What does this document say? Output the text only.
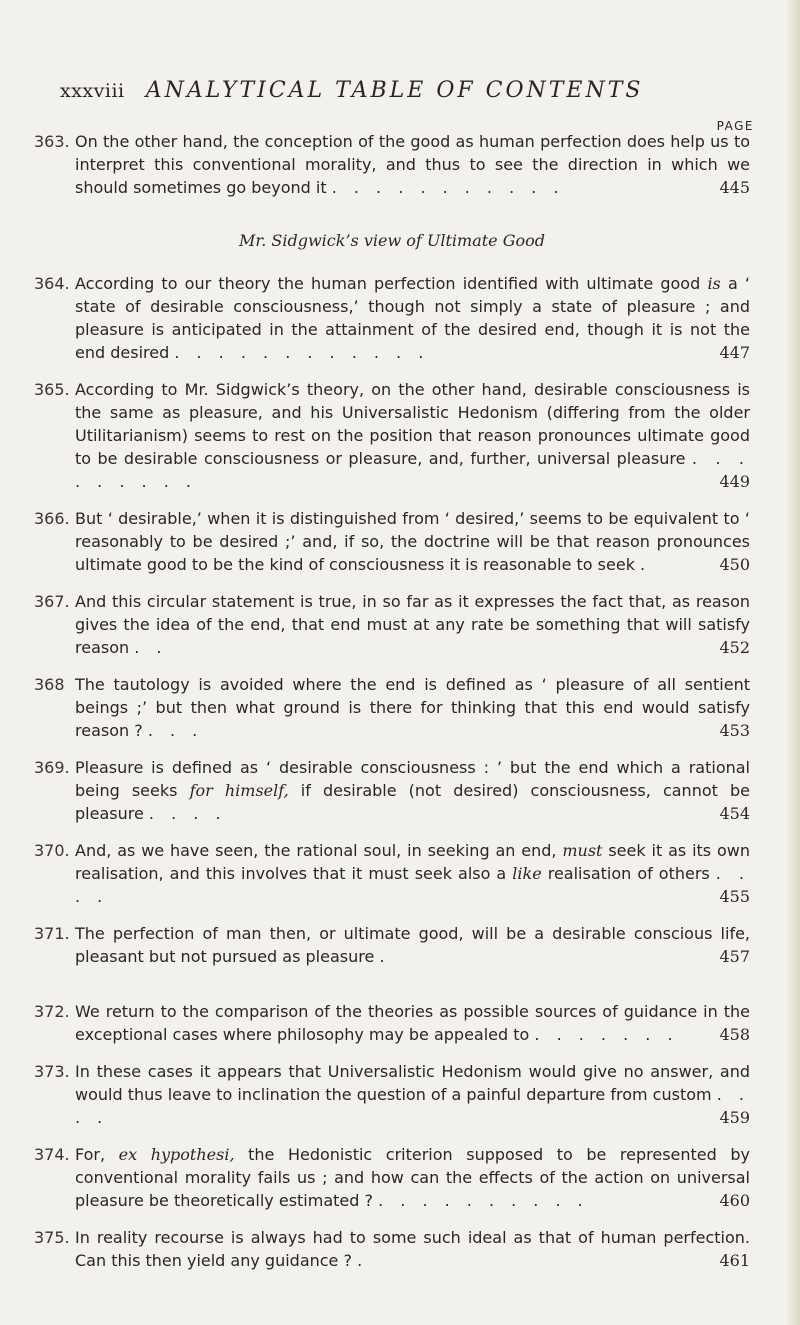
xxxviii ANALYTICAL TABLE OF CONTENTS
PAGE
363. On the other hand, the conception of the good as human perfection does help us to interpret this conventional morality, and thus to see the direction in which we should sometimes go beyond it . . . . . . . . . . .	445
Mr. Sidgwick’s view of Ultimate Good
364. According to our theory the human perfection identified with ultimate good is a ‘ state of desirable consciousness,’ though not simply a state of pleasure ; and pleasure is anticipated in the attainment of the desired end, though it is not the end desired . . . . . . . . . . . .	447
365. According to Mr. Sidgwick’s theory, on the other hand, desirable consciousness is the same as pleasure, and his Universalistic Hedonism (differing from the older Utilitarianism) seems to rest on the position that reason pronounces ultimate good to be desirable consciousness or pleasure, and, further, universal pleasure . . . . . . . . .	449
366. But ‘ desirable,’ when it is distinguished from ‘ desired,’ seems to be equivalent to ‘ reasonably to be desired ;’ and, if so, the doctrine will be that reason pronounces ultimate good to be the kind of consciousness it is reasonable to seek .	450
367. And this circular statement is true, in so far as it expresses the fact that, as reason gives the idea of the end, that end must at any rate be something that will satisfy reason . .	452
368 The tautology is avoided where the end is defined as ‘ pleasure of all sentient beings ;’ but then what ground is there for thinking that this end would satisfy reason ? . . .	453
369. Pleasure is defined as ‘ desirable consciousness : ’ but the end which a rational being seeks for himself, if desirable (not desired) consciousness, cannot be pleasure . . . .	454
370. And, as we have seen, the rational soul, in seeking an end, must seek it as its own realisation, and this involves that it must seek also a like realisation of others . . . .	455
371. The perfection of man then, or ultimate good, will be a desirable conscious life, pleasant but not pursued as pleasure .	457
372. We return to the comparison of the theories as possible sources of guidance in the exceptional cases where philosophy may be appealed to . . . . . . .	458
373. In these cases it appears that Universalistic Hedonism would give no answer, and would thus leave to inclination the question of a painful departure from custom . . . .	459
374. For, ex hypothesi, the Hedonistic criterion supposed to be represented by conventional morality fails us ; and how can the effects of the action on universal pleasure be theoretically estimated ? . . . . . . . . . .	460
375. In reality recourse is always had to some such ideal as that of human perfection. Can this then yield any guidance ? .	461
